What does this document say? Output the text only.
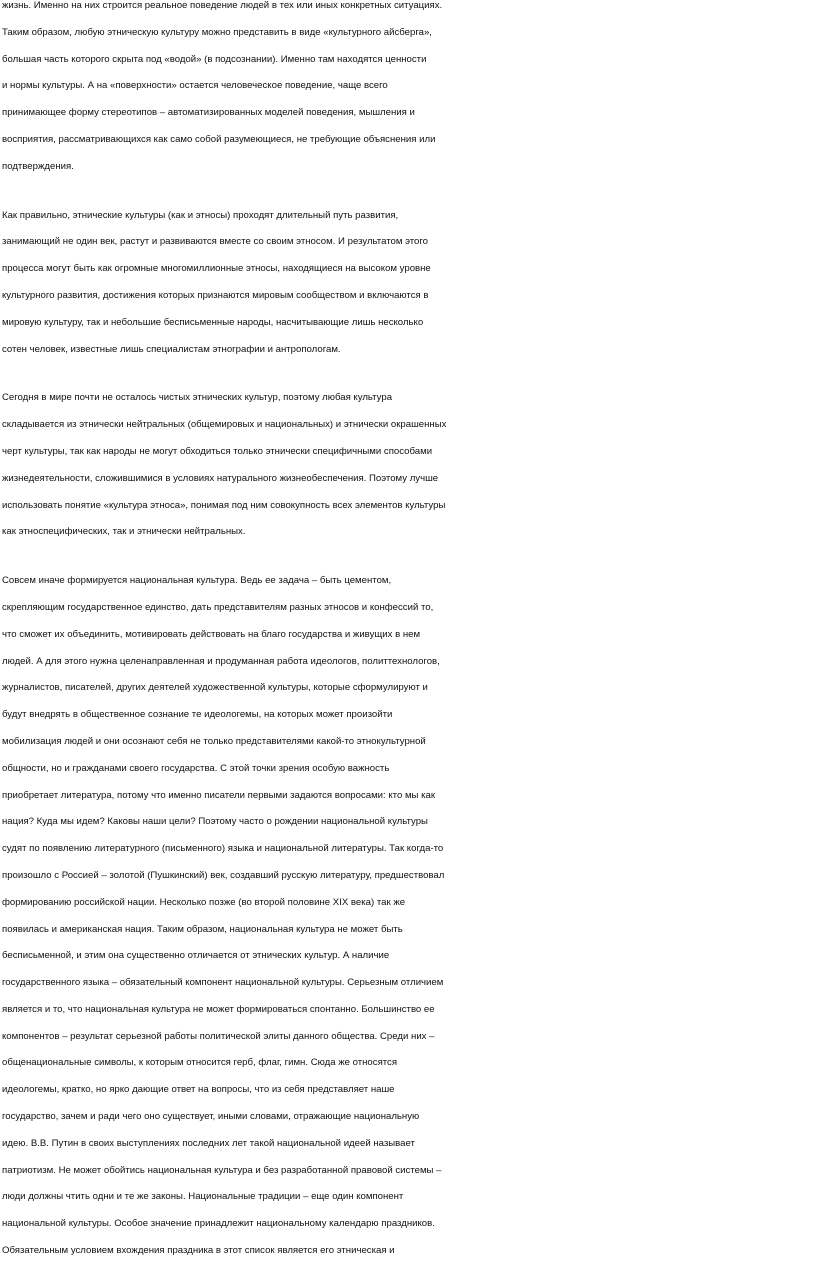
жизнь. Именно на них строится реальное поведение людей в тех или иных конкретных ситуациях.
Таким образом, любую этническую культуру можно представить в виде «культурного айсберга»,
большая часть которого скрыта под «водой» (в подсознании). Именно там находятся ценности
и нормы культуры. А на «поверхности» остается человеческое поведение, чаще всего
принимающее форму стереотипов – автоматизированных моделей поведения, мышления и
восприятия, рассматривающихся как само собой разумеющиеся, не требующие объяснения или
подтверждения.

Как правильно, этнические культуры (как и этносы) проходят длительный путь развития,
занимающий не один век, растут и развиваются вместе со своим этносом. И результатом этого
процесса могут быть как огромные многомиллионные этносы, находящиеся на высоком уровне
культурного развития, достижения которых признаются мировым сообществом и включаются в
мировую культуру, так и небольшие бесписьменные народы, насчитывающие лишь несколько
сотен человек, известные лишь специалистам этнографии и антропологам.

Сегодня в мире почти не осталось чистых этнических культур, поэтому любая культура
складывается из этнически нейтральных (общемировых и национальных) и этнически окрашенных
черт культуры, так как народы не могут обходиться только этнически специфичными способами
жизнедеятельности, сложившимися в условиях натурального жизнеобеспечения. Поэтому лучше
использовать понятие «культура этноса», понимая под ним совокупность всех элементов культуры
как этноспецифических, так и этнически нейтральных.

Совсем иначе формируется национальная культура. Ведь ее задача – быть цементом,
скрепляющим государственное единство, дать представителям разных этносов и конфессий то,
что сможет их объединить, мотивировать действовать на благо государства и живущих в нем
людей. А для этого нужна целенаправленная и продуманная работа идеологов, политтехнологов,
журналистов, писателей, других деятелей художественной культуры, которые сформулируют и
будут внедрять в общественное сознание те идеологемы, на которых может произойти
мобилизация людей и они осознают себя не только представителями какой-то этнокультурной
общности, но и гражданами своего государства. С этой точки зрения особую важность
приобретает литература, потому что именно писатели первыми задаются вопросами: кто мы как
нация? Куда мы идем? Каковы наши цели? Поэтому часто о рождении национальной культуры
судят по появлению литературного (письменного) языка и национальной литературы. Так когда-то
произошло с Россией – золотой (Пушкинский) век, создавший русскую литературу, предшествовал
формированию российской нации. Несколько позже (во второй половине XIX века) так же
появилась и американская нация. Таким образом, национальная культура не может быть
бесписьменной, и этим она существенно отличается от этнических культур. А наличие
государственного языка – обязательный компонент национальной культуры. Серьезным отличием
является и то, что национальная культура не может формироваться спонтанно. Большинство ее
компонентов – результат серьезной работы политической элиты данного общества. Среди них –
общенациональные символы, к которым относится герб, флаг, гимн. Сюда же относятся
идеологемы, кратко, но ярко дающие ответ на вопросы, что из себя представляет наше
государство, зачем и ради чего оно существует, иными словами, отражающие национальную
идею. В.В. Путин в своих выступлениях последних лет такой национальной идеей называет
патриотизм. Не может обойтись национальная культура и без разработанной правовой системы –
люди должны чтить одни и те же законы. Национальные традиции – еще один компонент
национальной культуры. Особое значение принадлежит национальному календарю праздников.
Обязательным условием вхождения праздника в этот список является его этническая и
